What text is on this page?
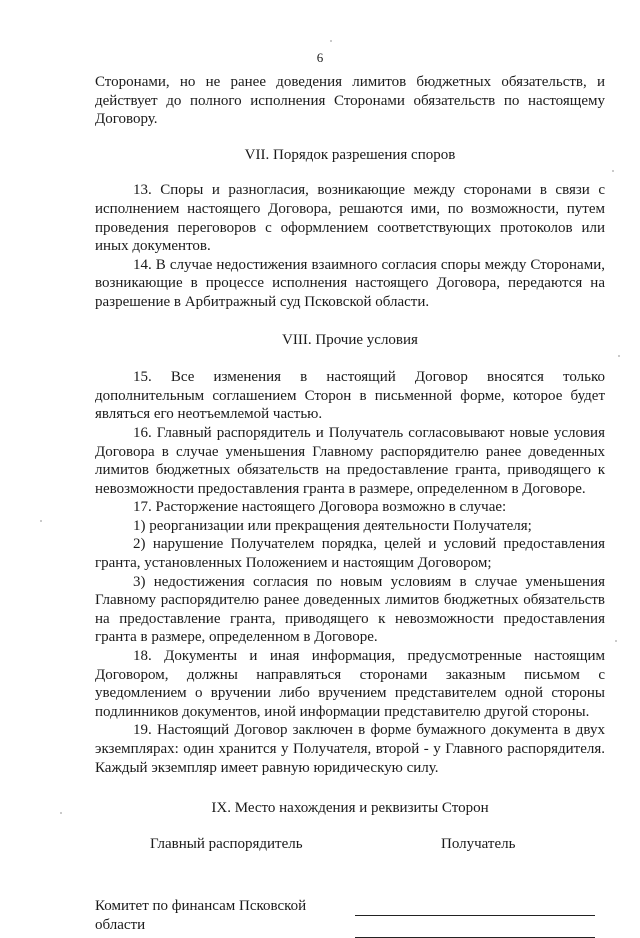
6

Сторонами, но не ранее доведения лимитов бюджетных обязательств, и действует до полного исполнения Сторонами обязательств по настоящему Договору.

VII. Порядок разрешения споров

13. Споры и разногласия, возникающие между сторонами в связи с исполнением настоящего Договора, решаются ими, по возможности, путем проведения переговоров с оформлением соответствующих протоколов или иных документов.

14. В случае недостижения взаимного согласия споры между Сторонами, возникающие в процессе исполнения настоящего Договора, передаются на разрешение в Арбитражный суд Псковской области.

VIII. Прочие условия

15. Все изменения в настоящий Договор вносятся только дополнительным соглашением Сторон в письменной форме, которое будет являться его неотъемлемой частью.

16. Главный распорядитель и Получатель согласовывают новые условия Договора в случае уменьшения Главному распорядителю ранее доведенных лимитов бюджетных обязательств на предоставление гранта, приводящего к невозможности предоставления гранта в размере, определенном в Договоре.

17. Расторжение настоящего Договора возможно в случае:

1) реорганизации или прекращения деятельности Получателя;

2) нарушение Получателем порядка, целей и условий предоставления гранта, установленных Положением и настоящим Договором;

3) недостижения согласия по новым условиям в случае уменьшения Главному распорядителю ранее доведенных лимитов бюджетных обязательств на предоставление гранта, приводящего к невозможности предоставления гранта в размере, определенном в Договоре.

18. Документы и иная информация, предусмотренные настоящим Договором, должны направляться сторонами заказным письмом с уведомлением о вручении либо вручением представителем одной стороны подлинников документов, иной информации представителю другой стороны.

19. Настоящий Договор заключен в форме бумажного документа в двух экземплярах: один хранится у Получателя, второй - у Главного распорядителя. Каждый экземпляр имеет равную юридическую силу.

IX. Место нахождения и реквизиты Сторон

Главный распорядитель	Получатель
Комитет по финансам Псковской области
